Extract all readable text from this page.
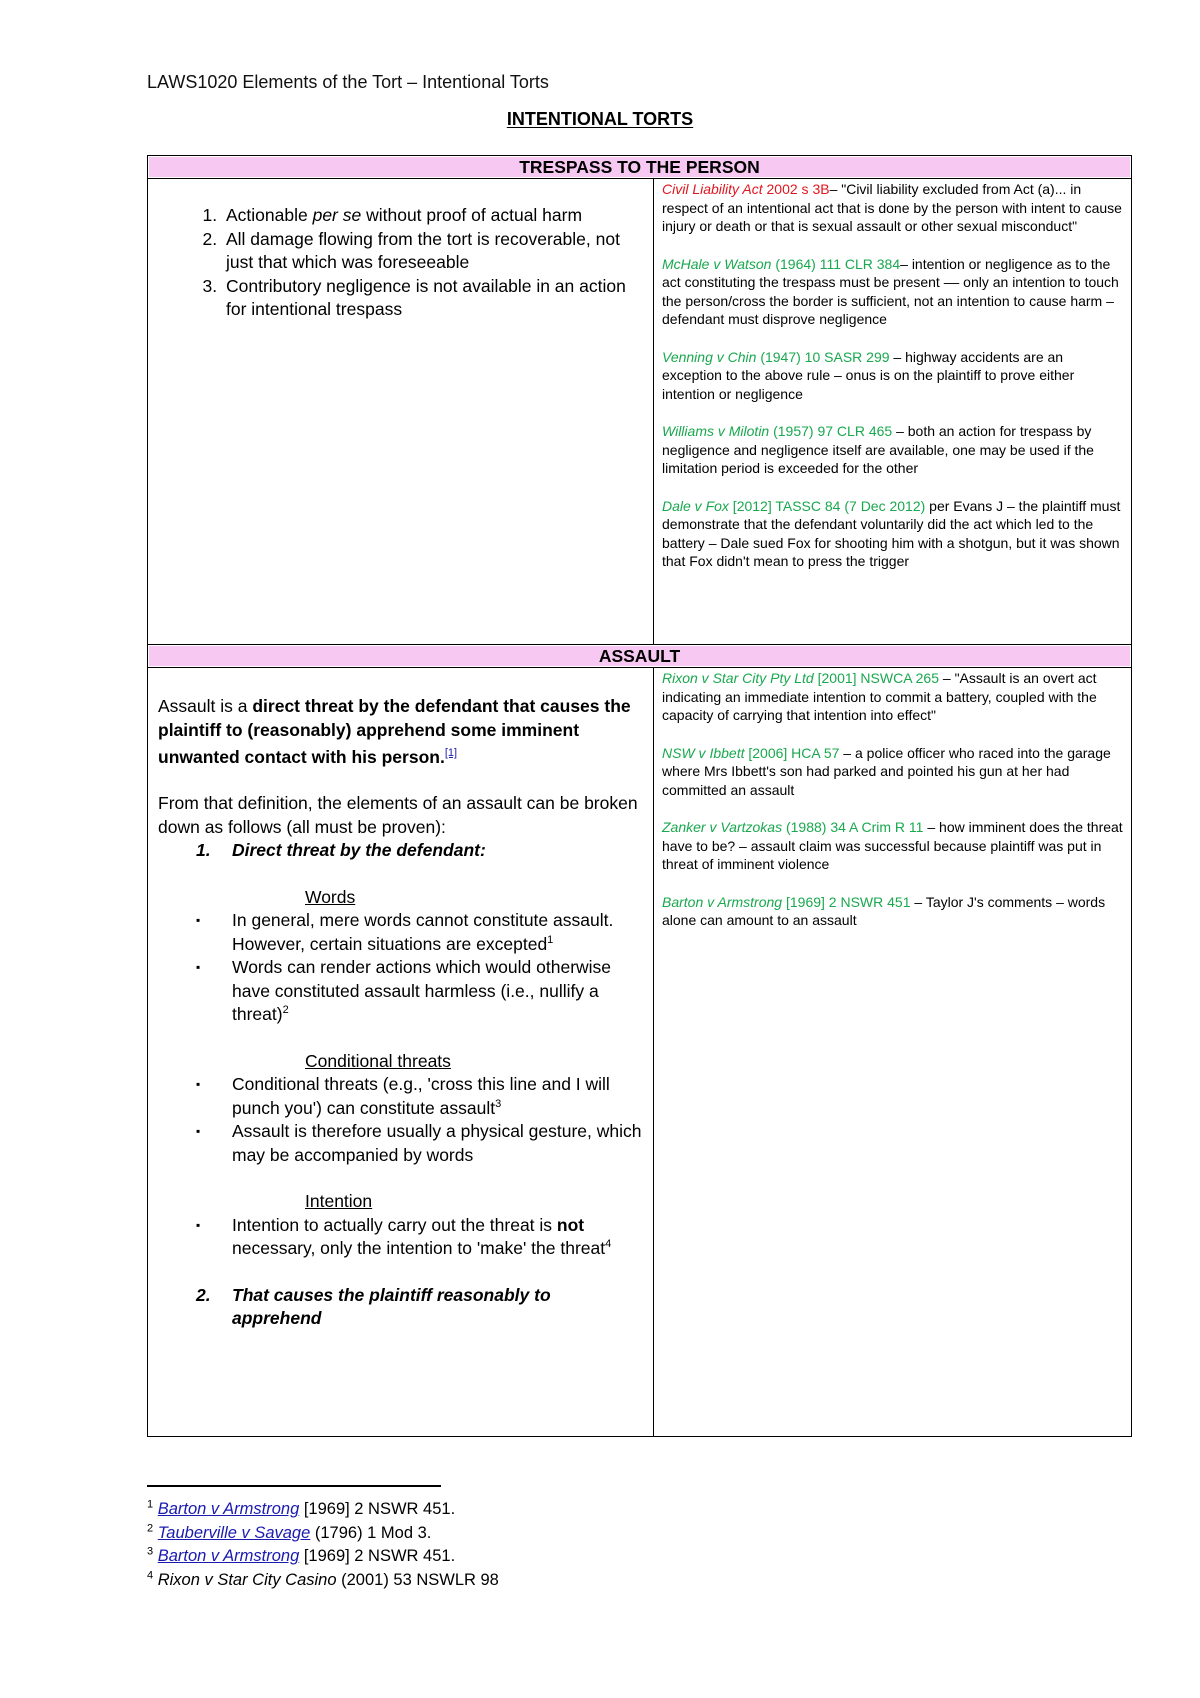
LAWS1020 Elements of the Tort – Intentional Torts
INTENTIONAL TORTS
TRESPASS TO THE PERSON
1. Actionable per se without proof of actual harm
2. All damage flowing from the tort is recoverable, not just that which was foreseeable
3. Contributory negligence is not available in an action for intentional trespass

Civil Liability Act 2002 s 3B– "Civil liability excluded from Act (a)... in respect of an intentional act that is done by the person with intent to cause injury or death or that is sexual assault or other sexual misconduct"

McHale v Watson (1964) 111 CLR 384– intention or negligence as to the act constituting the trespass must be present –– only an intention to touch the person/cross the border is sufficient, not an intention to cause harm – defendant must disprove negligence

Venning v Chin (1947) 10 SASR 299 – highway accidents are an exception to the above rule – onus is on the plaintiff to prove either intention or negligence

Williams v Milotin (1957) 97 CLR 465 – both an action for trespass by negligence and negligence itself are available, one may be used if the limitation period is exceeded for the other

Dale v Fox [2012] TASSC 84 (7 Dec 2012) per Evans J – the plaintiff must demonstrate that the defendant voluntarily did the act which led to the battery – Dale sued Fox for shooting him with a shotgun, but it was shown that Fox didn't mean to press the trigger

ASSAULT
Assault is a direct threat by the defendant that causes the plaintiff to (reasonably) apprehend some imminent unwanted contact with his person.[1]
From that definition, the elements of an assault can be broken down as follows (all must be proven):
1. Direct threat by the defendant:
Words
▪ In general, mere words cannot constitute assault. However, certain situations are excepted$^1$
▪ Words can render actions which would otherwise have constituted assault harmless (i.e., nullify a threat)$^2$
Conditional threats
▪ Conditional threats (e.g., 'cross this line and I will punch you') can constitute assault$^3$
▪ Assault is therefore usually a physical gesture, which may be accompanied by words
Intention
▪ Intention to actually carry out the threat is not necessary, only the intention to 'make' the threat$^4$
2. That causes the plaintiff reasonably to apprehend

Rixon v Star City Pty Ltd [2001] NSWCA 265 – "Assault is an overt act indicating an immediate intention to commit a battery, coupled with the capacity of carrying that intention into effect"

NSW v Ibbett [2006] HCA 57 – a police officer who raced into the garage where Mrs Ibbett's son had parked and pointed his gun at her had committed an assault

Zanker v Vartzokas (1988) 34 A Crim R 11 – how imminent does the threat have to be? – assault claim was successful because plaintiff was put in threat of imminent violence

Barton v Armstrong [1969] 2 NSWR 451 – Taylor J's comments – words alone can amount to an assault

$^1$ Barton v Armstrong [1969] 2 NSWR 451.
$^2$ Tauberville v Savage (1796) 1 Mod 3.
$^3$ Barton v Armstrong [1969] 2 NSWR 451.
$^4$ Rixon v Star City Casino (2001) 53 NSWLR 98
